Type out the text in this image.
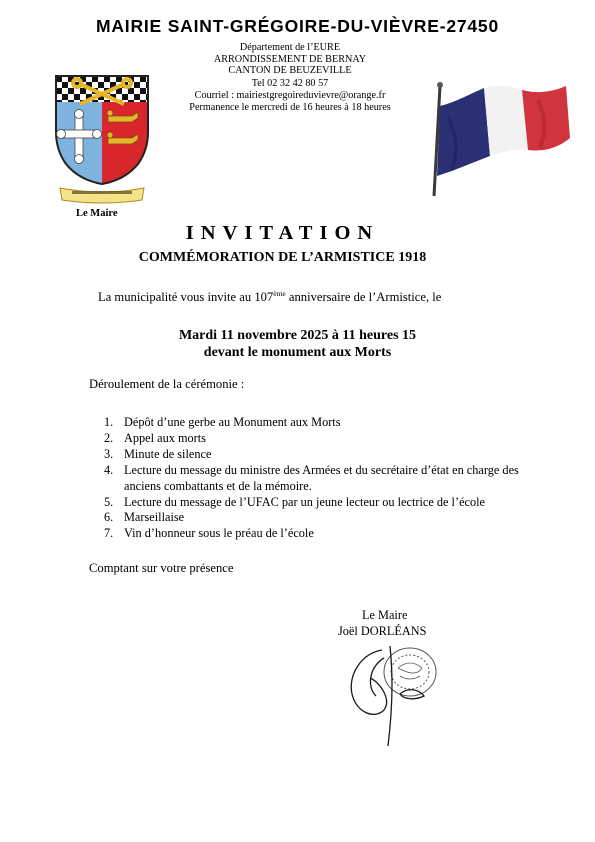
MAIRIE SAINT-GRÉGOIRE-DU-VIÈVRE-27450
Département de l’EURE
ARRONDISSEMENT DE BERNAY
CANTON DE BEUZEVILLE
Tel 02 32 42 80 57
Courriel : mairiestgregoireduvievre@orange.fr
Permanence le mercredi de 16 heures à 18 heures
Le Maire
INVITATION
COMMÉMORATION DE L’ARMISTICE 1918
La municipalité vous invite au 107ème anniversaire de l’Armistice, le
Mardi 11 novembre 2025 à 11 heures 15
devant le monument aux Morts
Déroulement de la cérémonie :
1. Dépôt d’une gerbe au Monument aux Morts
2. Appel aux morts
3. Minute de silence
4. Lecture du message du ministre des Armées et du secrétaire d’état en charge des anciens combattants et de la mémoire.
5. Lecture du message de l’UFAC par un jeune lecteur ou lectrice de l’école
6. Marseillaise
7. Vin d’honneur sous le préau de l’école
Comptant sur votre présence
Le Maire
Joël DORLÉANS
